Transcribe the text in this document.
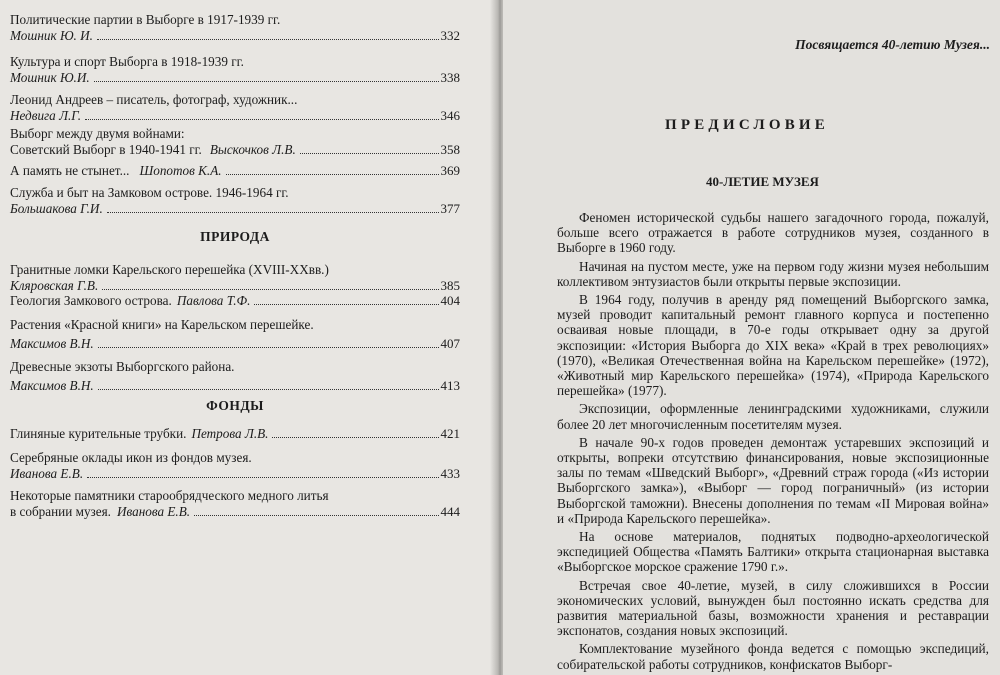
Политические партии в Выборге в 1917-1939 гг.
Мошник Ю. И.	332
Культура и спорт Выборга в 1918-1939 гг.
Мошник Ю.И.	338
Леонид Андреев – писатель, фотограф, художник...
Недвига Л.Г.	346
Выборг между двумя войнами:
Советский Выборг в 1940-1941 гг. Выскочков Л.В.	358
А память не стынет... Шопотов К.А.	369
Служба и быт на Замковом острове. 1946-1964 гг.
Большакова Г.И.	377
ПРИРОДА
Гранитные ломки Карельского перешейка (XVIII-XXвв.)
Кляровская Г.В.	385
Геология Замкового острова. Павлова Т.Ф.	404
Растения «Красной книги» на Карельском перешейке.
Максимов В.Н.	407
Древесные экзоты Выборгского района.
Максимов В.Н.	413
ФОНДЫ
Глиняные курительные трубки. Петрова Л.В.	421
Серебряные оклады икон из фондов музея.
Иванова Е.В.	433
Некоторые памятники старообрядческого медного литья
в собрании музея. Иванова Е.В.	444
Посвящается 40-летию Музея...
ПРЕДИСЛОВИЕ
40-ЛЕТИЕ МУЗЕЯ

Феномен исторической судьбы нашего загадочного города, пожалуй, больше всего отражается в работе сотрудников музея, созданного в Выборге в 1960 году.

Начиная на пустом месте, уже на первом году жизни музея небольшим коллективом энтузиастов были открыты первые экспозиции.

В 1964 году, получив в аренду ряд помещений Выборгского замка, музей проводит капитальный ремонт главного корпуса и постепенно осваивая новые площади, в 70-е годы открывает одну за другой экспозиции: «История Выборга до XIX века» «Край в трех революциях» (1970), «Великая Отечественная война на Карельском перешейке» (1972), «Животный мир Карельского перешейка» (1974), «Природа Карельского перешейка» (1977).

Экспозиции, оформленные ленинградскими художниками, служили более 20 лет многочисленным посетителям музея.

В начале 90-х годов проведен демонтаж устаревших экспозиций и открыты, вопреки отсутствию финансирования, новые экспозиционные залы по темам «Шведский Выборг», «Древний страж города («Из истории Выборгского замка»), «Выборг — город пограничный» (из истории Выборгской таможни). Внесены дополнения по темам «II Мировая война» и «Природа Карельского перешейка».

На основе материалов, поднятых подводно-археологической экспедицией Общества «Память Балтики» открыта стационарная выставка «Выборгское морское сражение 1790 г.».

Встречая свое 40-летие, музей, в силу сложившихся в России экономических условий, вынужден был постоянно искать средства для развития материальной базы, возможности хранения и реставрации экспонатов, создания новых экспозиций.

Комплектование музейного фонда ведется с помощью экспедиций, собирательской работы сотрудников, конфискатов Выборг-
